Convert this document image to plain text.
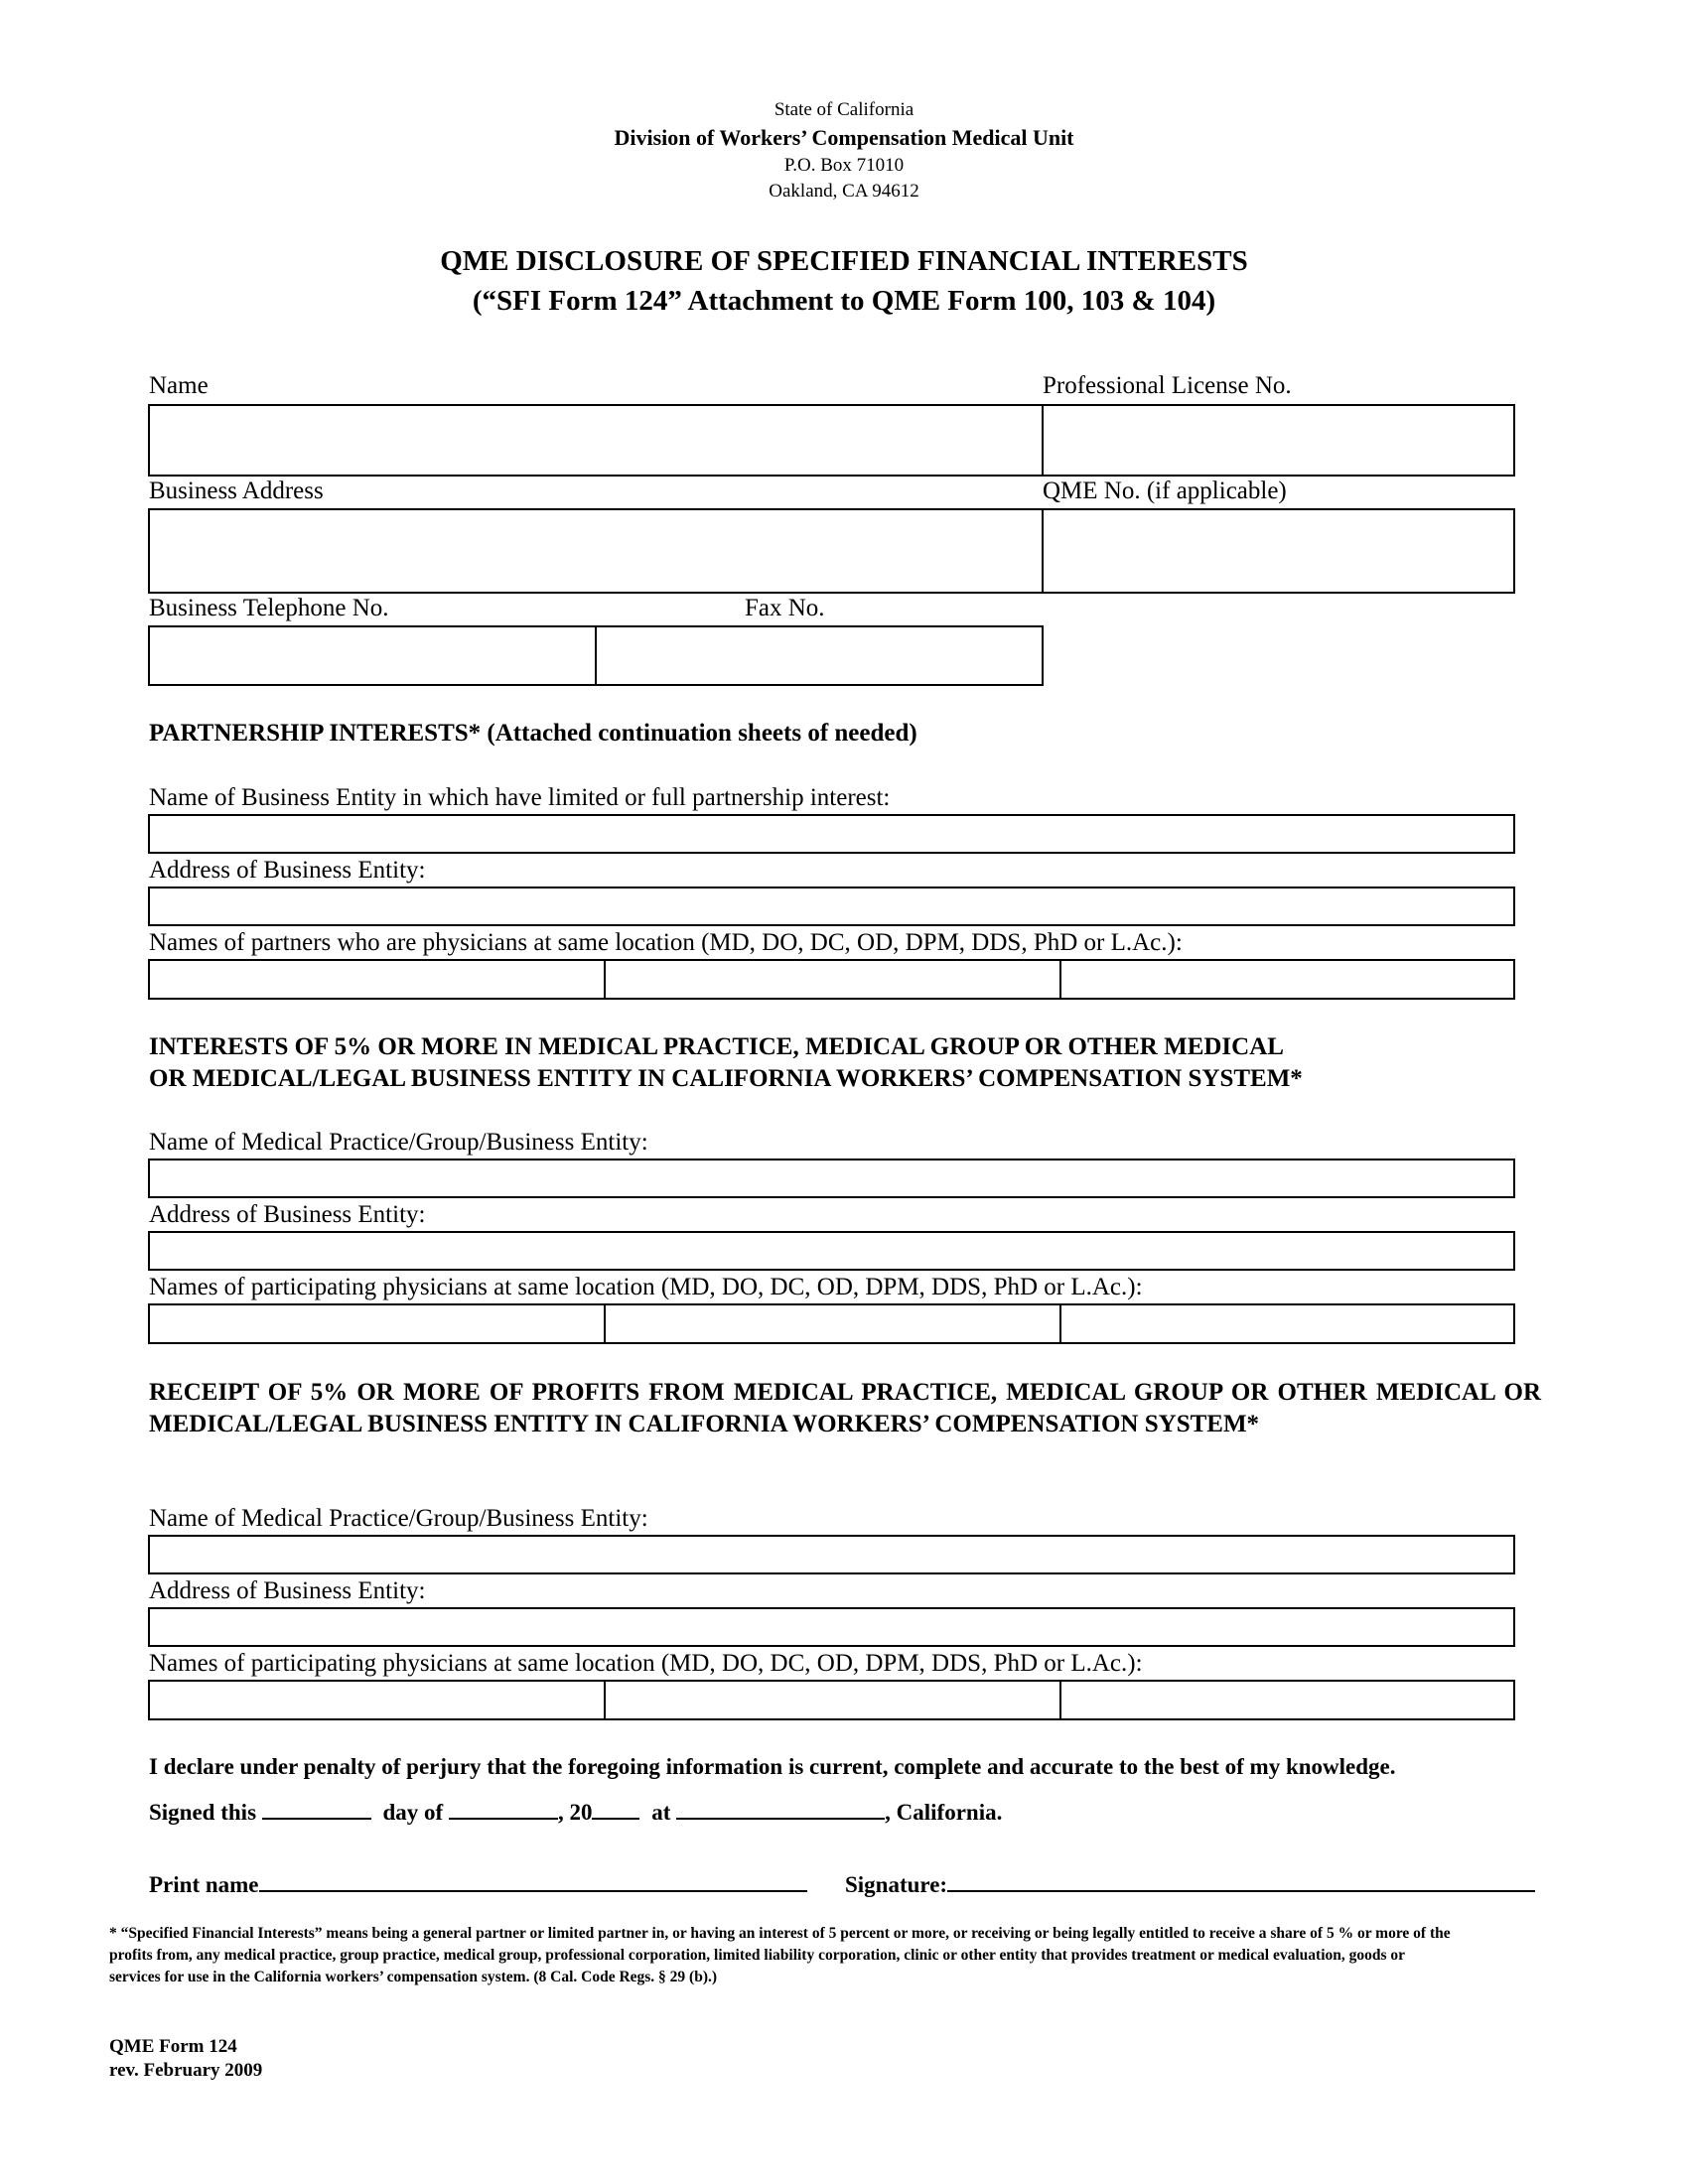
State of California
Division of Workers’ Compensation Medical Unit
P.O. Box 71010
Oakland, CA 94612
QME DISCLOSURE OF SPECIFIED FINANCIAL INTERESTS
(“SFI Form 124” Attachment to QME Form 100, 103 & 104)
Name	Professional License No.
Business Address	QME No. (if applicable)
Business Telephone No.	Fax No.
PARTNERSHIP INTERESTS* (Attached continuation sheets of needed)
Name of Business Entity in which have limited or full partnership interest:
Address of Business Entity:
Names of partners who are physicians at same location (MD, DO, DC, OD, DPM, DDS, PhD or L.Ac.):
INTERESTS OF 5% OR MORE IN MEDICAL PRACTICE, MEDICAL GROUP OR OTHER MEDICAL
OR MEDICAL/LEGAL BUSINESS ENTITY IN CALIFORNIA WORKERS’ COMPENSATION SYSTEM*
Name of Medical Practice/Group/Business Entity:
Address of Business Entity:
Names of participating physicians at same location (MD, DO, DC, OD, DPM, DDS, PhD or L.Ac.):
RECEIPT OF 5% OR MORE OF PROFITS FROM MEDICAL PRACTICE, MEDICAL GROUP OR OTHER MEDICAL OR MEDICAL/LEGAL BUSINESS ENTITY IN CALIFORNIA WORKERS’ COMPENSATION SYSTEM*
Name of Medical Practice/Group/Business Entity:
Address of Business Entity:
Names of participating physicians at same location (MD, DO, DC, OD, DPM, DDS, PhD or L.Ac.):
I declare under penalty of perjury that the foregoing information is current, complete and accurate to the best of my knowledge.
Signed this	day of	, 20	at	, California.
Print name	Signature:
* “Specified Financial Interests” means being a general partner or limited partner in, or having an interest of 5 percent or more, or receiving or being legally entitled to receive a share of 5 % or more of the profits from, any medical practice, group practice, medical group, professional corporation, limited liability corporation, clinic or other entity that provides treatment or medical evaluation, goods or services for use in the California workers’ compensation system. (8 Cal. Code Regs. § 29 (b).)
QME Form 124
rev. February 2009
